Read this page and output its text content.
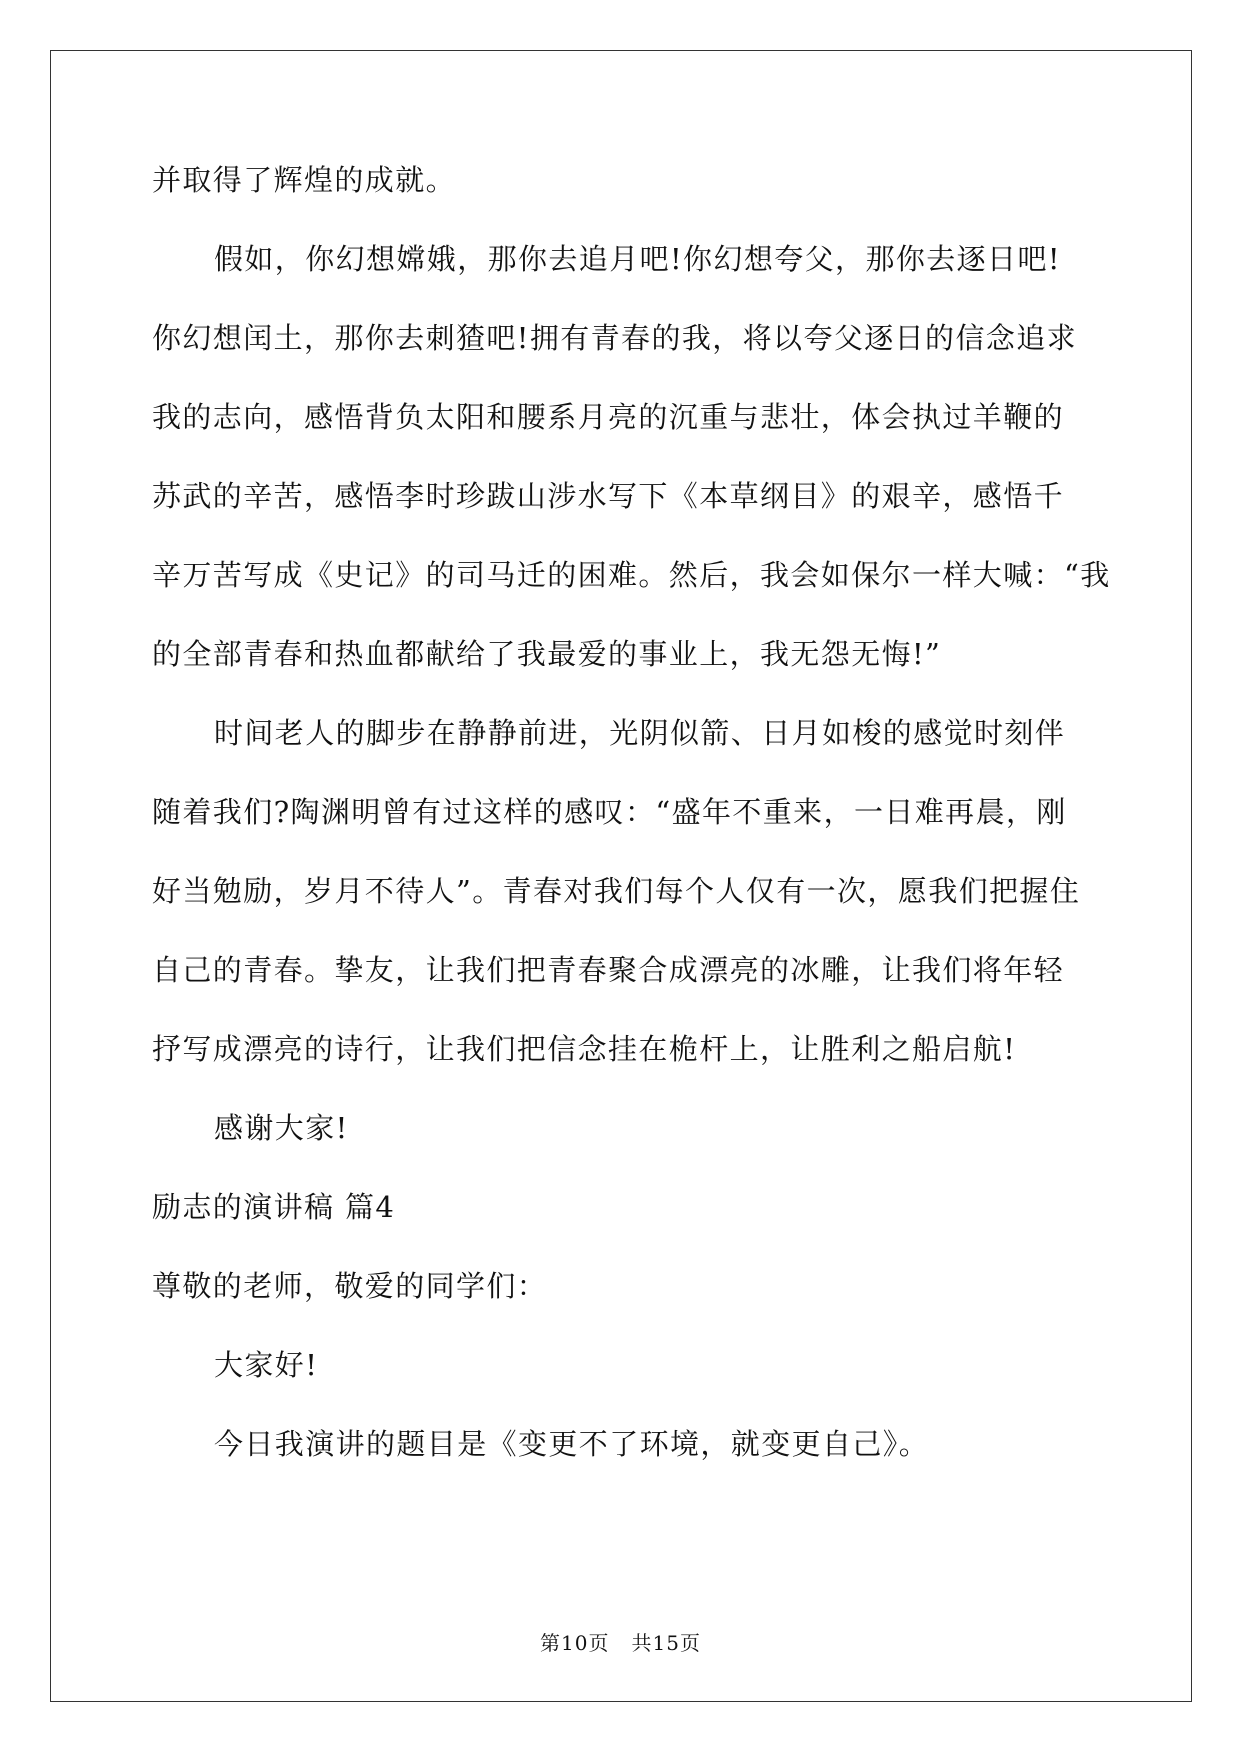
并取得了辉煌的成就。

假如，你幻想嫦娥，那你去追月吧!你幻想夸父，那你去逐日吧!

你幻想闰土，那你去刺猹吧!拥有青春的我，将以夸父逐日的信念追求

我的志向，感悟背负太阳和腰系月亮的沉重与悲壮，体会执过羊鞭的

苏武的辛苦，感悟李时珍跋山涉水写下《本草纲目》的艰辛，感悟千

辛万苦写成《史记》的司马迁的困难。然后，我会如保尔一样大喊：“我

的全部青春和热血都献给了我最爱的事业上，我无怨无悔!”

时间老人的脚步在静静前进，光阴似箭、日月如梭的感觉时刻伴

随着我们?陶渊明曾有过这样的感叹：“盛年不重来，一日难再晨，刚

好当勉励，岁月不待人”。青春对我们每个人仅有一次，愿我们把握住

自己的青春。挚友，让我们把青春聚合成漂亮的冰雕，让我们将年轻

抒写成漂亮的诗行，让我们把信念挂在桅杆上，让胜利之船启航!

感谢大家!

励志的演讲稿 篇4

尊敬的老师，敬爱的同学们：

大家好!

今日我演讲的题目是《变更不了环境，就变更自己》。

第10页 共15页
